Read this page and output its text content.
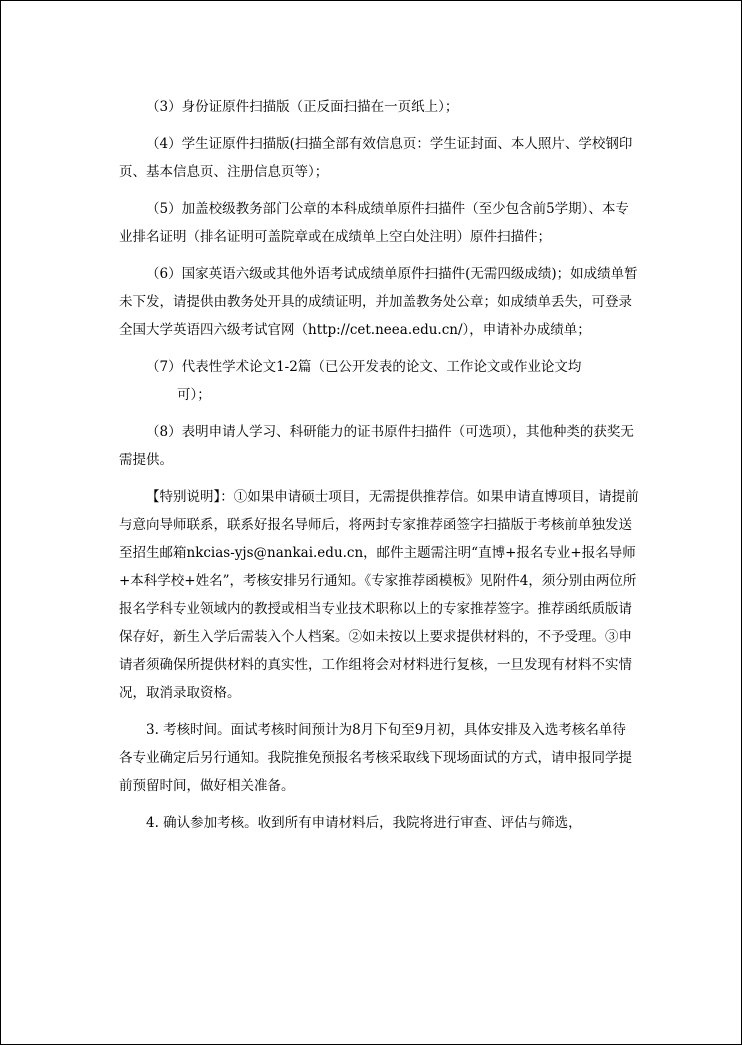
（3）身份证原件扫描版（正反面扫描在一页纸上）；

（4）学生证原件扫描版(扫描全部有效信息页：学生证封面、本人照片、学校钢印页、基本信息页、注册信息页等）；

（5）加盖校级教务部门公章的本科成绩单原件扫描件（至少包含前5学期）、本专业排名证明（排名证明可盖院章或在成绩单上空白处注明）原件扫描件；

（6）国家英语六级或其他外语考试成绩单原件扫描件(无需四级成绩)；如成绩单暂未下发，请提供由教务处开具的成绩证明，并加盖教务处公章；如成绩单丢失，可登录全国大学英语四六级考试官网（http://cet.neea.edu.cn/），申请补办成绩单；

（7）代表性学术论文1-2篇（已公开发表的论文、工作论文或作业论文均
可）；

（8）表明申请人学习、科研能力的证书原件扫描件（可选项），其他种类的获奖无需提供。

【特别说明】：①如果申请硕士项目，无需提供推荐信。如果申请直博项目，请提前与意向导师联系，联系好报名导师后，将两封专家推荐函签字扫描版于考核前单独发送至招生邮箱nkcias-yjs@nankai.edu.cn，邮件主题需注明“直博+报名专业+报名导师+本科学校+姓名”，考核安排另行通知。《专家推荐函模板》见附件4，须分别由两位所报名学科专业领域内的教授或相当专业技术职称以上的专家推荐签字。推荐函纸质版请保存好，新生入学后需装入个人档案。②如未按以上要求提供材料的，不予受理。③申请者须确保所提供材料的真实性，工作组将会对材料进行复核，一旦发现有材料不实情况，取消录取资格。

3. 考核时间。面试考核时间预计为8月下旬至9月初，具体安排及入选考核名单待各专业确定后另行通知。我院推免预报名考核采取线下现场面试的方式，请申报同学提前预留时间，做好相关准备。

4. 确认参加考核。收到所有申请材料后，我院将进行审查、评估与筛选，
